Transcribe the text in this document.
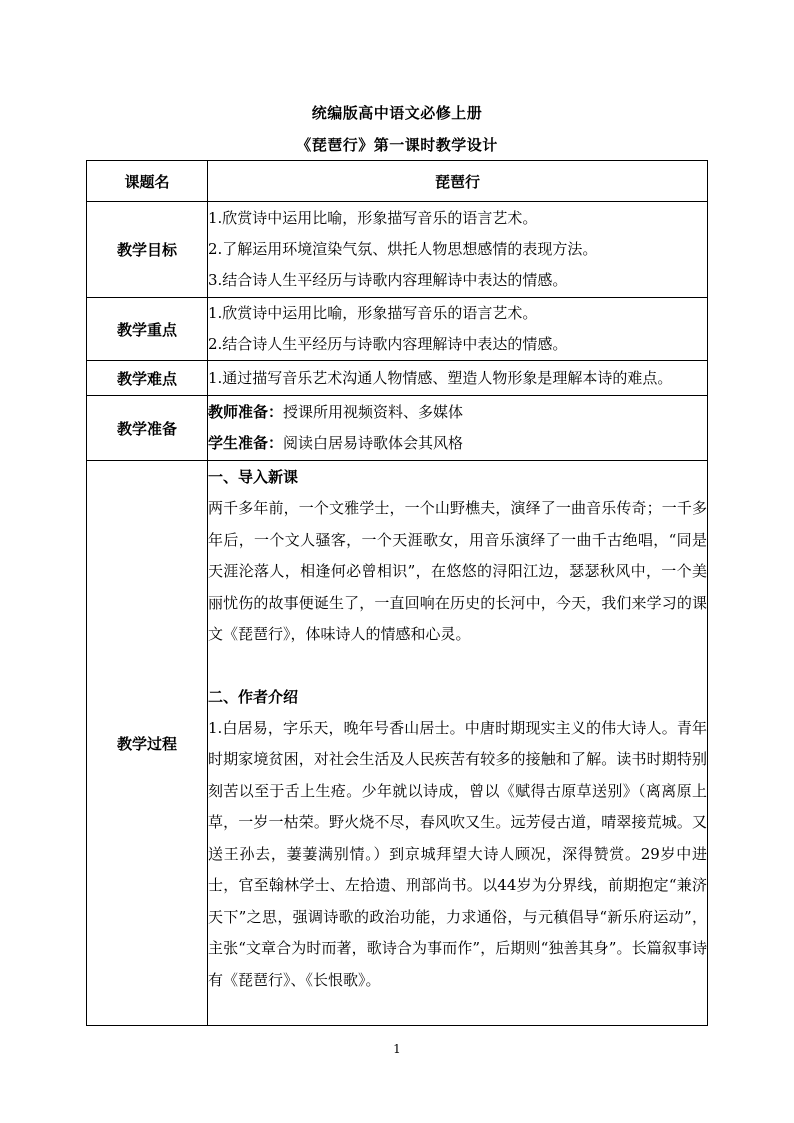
统编版高中语文必修上册
《琵琶行》第一课时教学设计
课题名	琵琶行
教学目标	1.欣赏诗中运用比喻，形象描写音乐的语言艺术。
2.了解运用环境渲染气氛、烘托人物思想感情的表现方法。
3.结合诗人生平经历与诗歌内容理解诗中表达的情感。

教学重点	1.欣赏诗中运用比喻，形象描写音乐的语言艺术。
2.结合诗人生平经历与诗歌内容理解诗中表达的情感。

教学难点	1.通过描写音乐艺术沟通人物情感、塑造人物形象是理解本诗的难点。

教学准备	教师准备：授课所用视频资料、多媒体
学生准备：阅读白居易诗歌体会其风格

教学过程	一、导入新课
两千多年前，一个文雅学士，一个山野樵夫，演绎了一曲音乐传奇；一千多年后，一个文人骚客，一个天涯歌女，用音乐演绎了一曲千古绝唱，“同是天涯沦落人，相逢何必曾相识”，在悠悠的浔阳江边，瑟瑟秋风中，一个美丽忧伤的故事便诞生了，一直回响在历史的长河中，今天，我们来学习的课文《琵琶行》，体味诗人的情感和心灵。
二、作者介绍
1.白居易，字乐天，晚年号香山居士。中唐时期现实主义的伟大诗人。青年时期家境贫困，对社会生活及人民疾苦有较多的接触和了解。读书时期特别刻苦以至于舌上生疮。少年就以诗成，曾以《赋得古原草送别》（离离原上草，一岁一枯荣。野火烧不尽，春风吹又生。远芳侵古道，晴翠接荒城。又送王孙去，萋萋满别情。）到京城拜望大诗人顾况，深得赞赏。29岁中进士，官至翰林学士、左拾遗、刑部尚书。以44岁为分界线，前期抱定“兼济天下”之思，强调诗歌的政治功能，力求通俗，与元稹倡导“新乐府运动”，主张“文章合为时而著，歌诗合为事而作”，后期则“独善其身”。长篇叙事诗有《琵琶行》、《长恨歌》。
1
